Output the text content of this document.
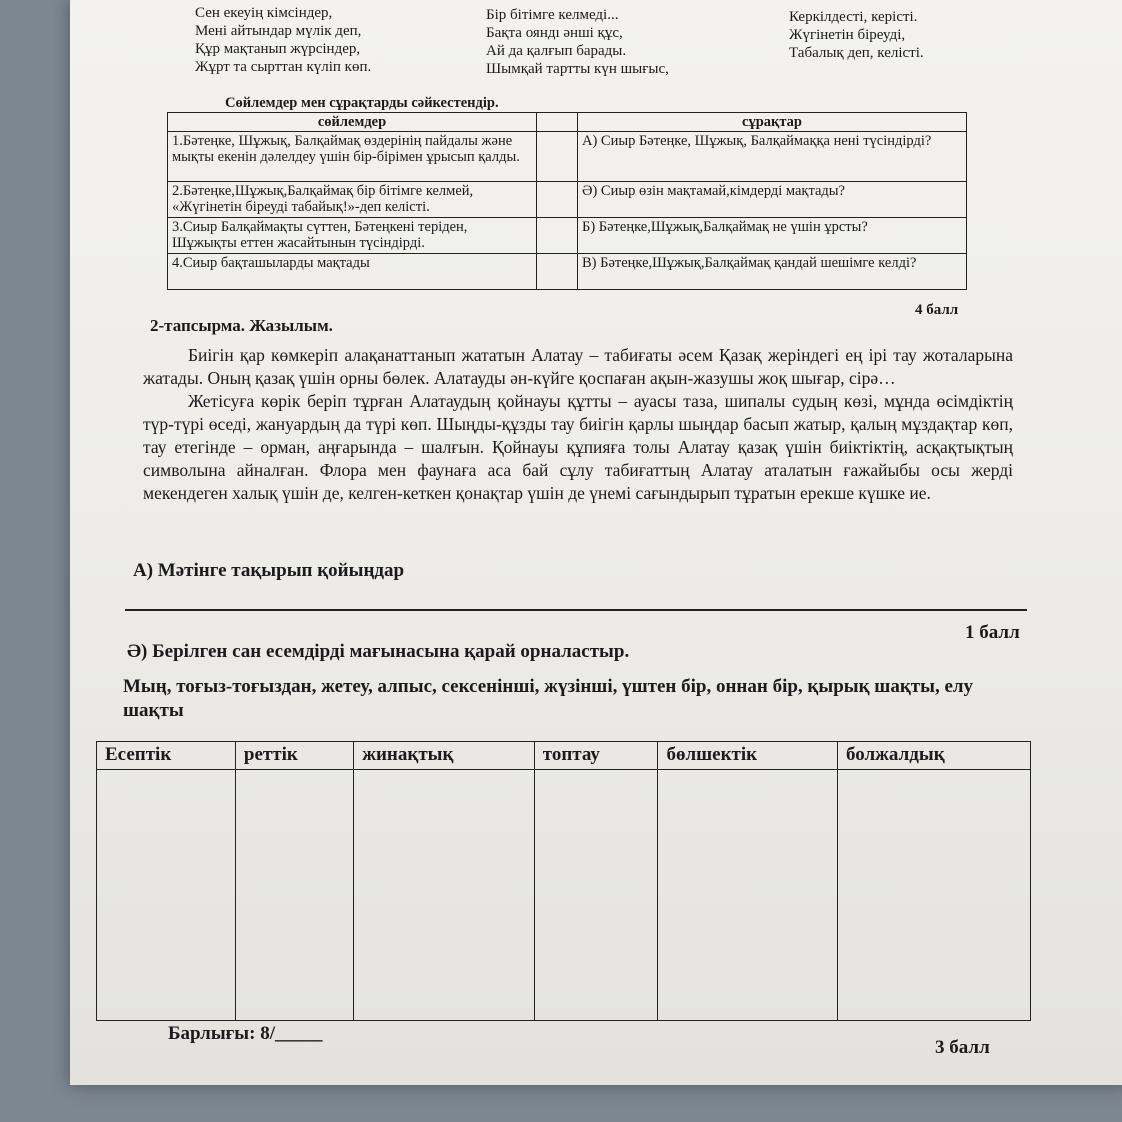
Сен екеуің кімсіндер,
Мені айтындар мүлік деп,
Құр мақтанып жүрсіндер,
Жұрт та сырттан күліп көп.
Бір бітімге келмеді...
Бақта ояндı әнші құс,
Ай да қалғып барады.
Шымқай тартты күн шығыс,
Керкілдесті, керісті.
Жүгінетін біреуді,
Табалық деп, келісті.
Сөйлемдер мен сұрақтарды сәйкестендір.
сөйлемдер		сұрақтар
1.Бәтеңке, Шұжық, Балқаймақ өздерінің пайдалы және мықты екенін дәлелдеу үшін бір-бірімен ұрысып қалды.		А) Сиыр Бәтеңке, Шұжық, Балқаймаққа нені түсіндірді?
2.Бәтеңке,Шұжық,Балқаймақ бір бітімге келмей, «Жүгінетін біреуді табайық!»-деп келісті.		Ә) Сиыр өзін мақтамай,кімдерді мақтады?
3.Сиыр Балқаймақты сүттен, Бәтеңкені теріден, Шұжықты еттен жасайтынын түсіндірді.		Б) Бәтеңке,Шұжық,Балқаймақ не үшін ұрсты?
4.Сиыр бақташыларды мақтады		В) Бәтеңке,Шұжық,Балқаймақ қандай шешімге келді?
4 балл
2-тапсырма. Жазылым.

Биігін қар көмкеріп алақанаттанып жататын Алатау – табиғаты әсем Қазақ жеріндегі ең ірі тау жоталарына жатады. Оның қазақ үшін орны бөлек. Алатауды ән-күйге қоспаған ақын-жазушы жоқ шығар, сірә…

Жетісуға көрік беріп тұрған Алатаудың қойнауы құтты – ауасы таза, шипалы судың көзі, мұнда өсімдіктің түр-түрі өседі, жануардың да түрі көп. Шыңды-құзды тау биігін қарлы шыңдар басып жатыр, қалың мұздақтар көп, тау етегінде – орман, аңғарында – шалғын. Қойнауы құпияға толы Алатау қазақ үшін биіктіктің, асқақтықтың символына айналған. Флора мен фаунаға аса бай сұлу табиғаттың Алатау аталатын ғажайыбы осы жерді мекендеген халық үшін де, келген-кеткен қонақтар үшін де үнемі сағындырып тұратын ерекше күшке ие.

А) Мәтінге тақырып қойыңдар
1 балл
Ә) Берілген сан есемдірді мағынасына қарай орналастыр.
Мың, тоғыз-тоғыздан, жетеу, алпыс, сексенінші, жүзінші, үштен бір, оннан бір, қырық шақты, елу шақты
Есептік	реттік	жинақтық	топтау	бөлшектік	болжалдық

Барлығы: 8/_____
3 балл
